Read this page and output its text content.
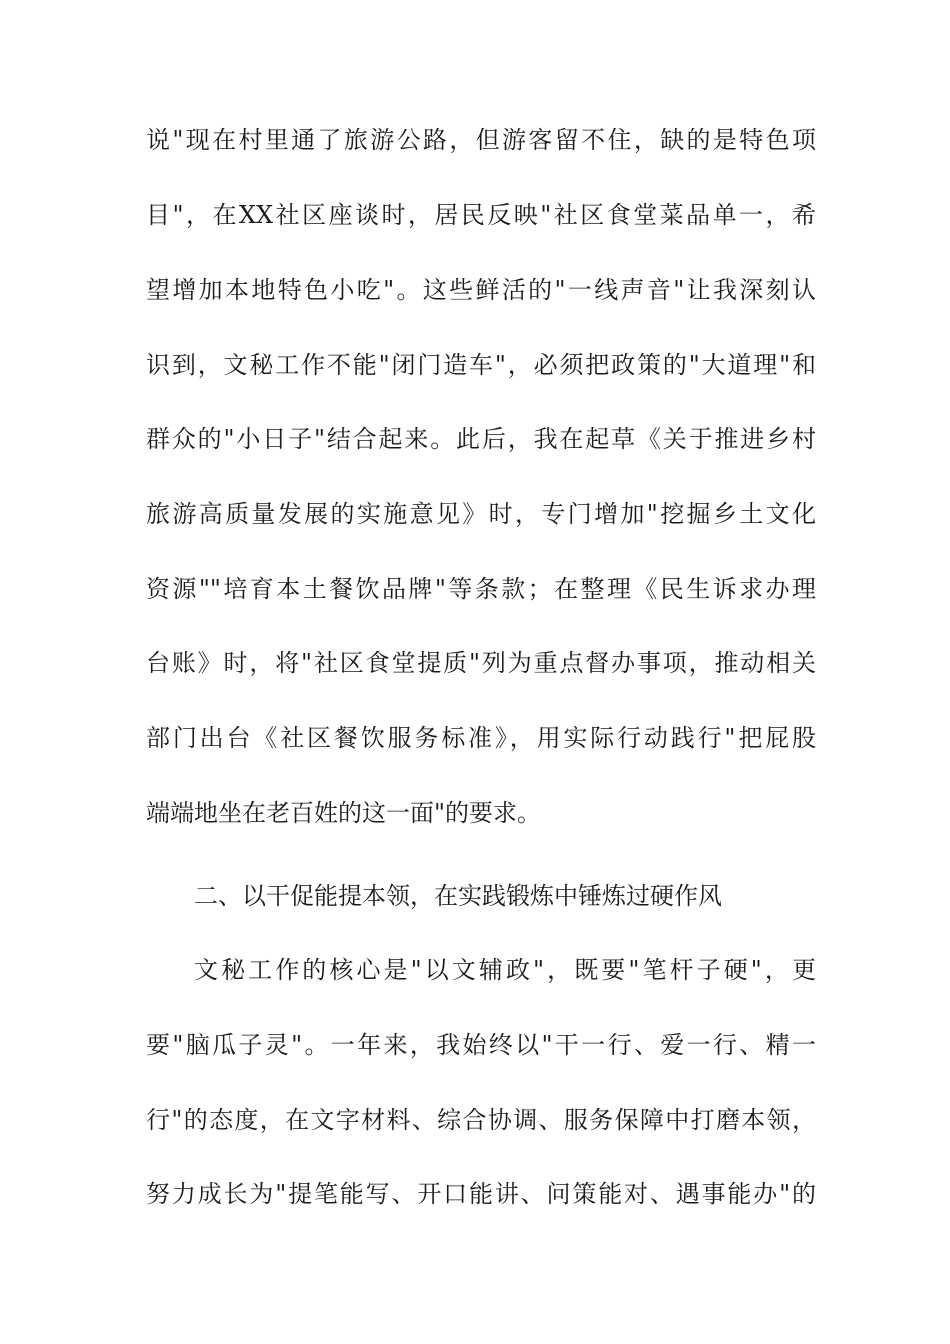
说"现在村里通了旅游公路，但游客留不住，缺的是特色项
目"，在XX社区座谈时，居民反映"社区食堂菜品单一，希
望增加本地特色小吃"。这些鲜活的"一线声音"让我深刻认
识到，文秘工作不能"闭门造车"，必须把政策的"大道理"和
群众的"小日子"结合起来。此后，我在起草《关于推进乡村
旅游高质量发展的实施意见》时，专门增加"挖掘乡土文化
资源""培育本土餐饮品牌"等条款；在整理《民生诉求办理
台账》时，将"社区食堂提质"列为重点督办事项，推动相关
部门出台《社区餐饮服务标准》，用实际行动践行"把屁股
端端地坐在老百姓的这一面"的要求。
二、以干促能提本领，在实践锻炼中锤炼过硬作风
文秘工作的核心是"以文辅政"，既要"笔杆子硬"，更
要"脑瓜子灵"。一年来，我始终以"干一行、爱一行、精一
行"的态度，在文字材料、综合协调、服务保障中打磨本领，
努力成长为"提笔能写、开口能讲、问策能对、遇事能办"的
